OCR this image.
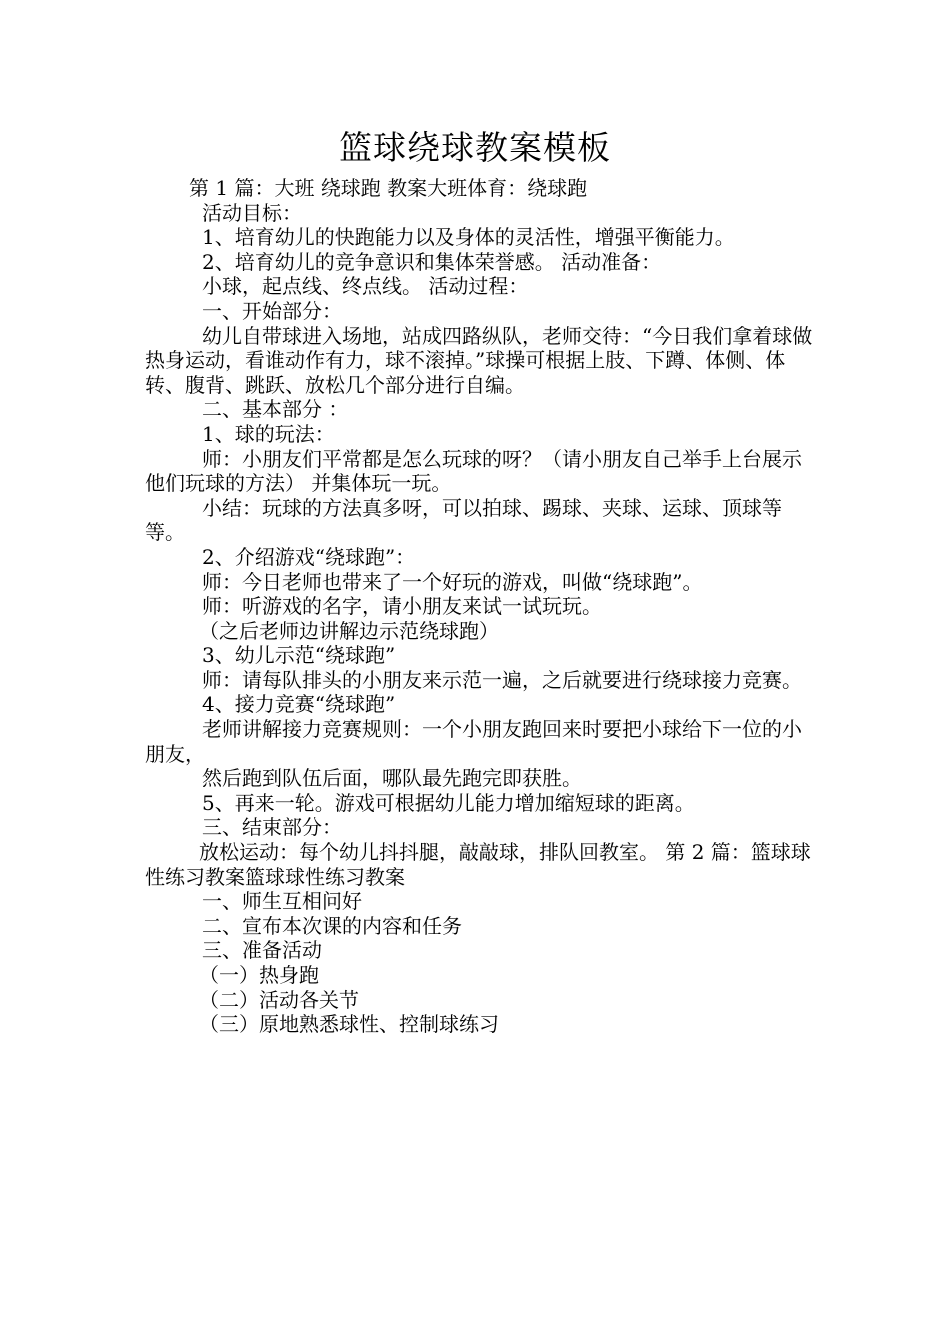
篮球绕球教案模板

第 1 篇：大班 绕球跑 教案大班体育：绕球跑

活动目标：

1、培育幼儿的快跑能力以及身体的灵活性，增强平衡能力。

2、培育幼儿的竞争意识和集体荣誉感。 活动准备：

小球，起点线、终点线。 活动过程：

一、开始部分：

幼儿自带球进入场地，站成四路纵队，老师交待：“今日我们拿着球做热身运动，看谁动作有力，球不滚掉。”球操可根据上肢、下蹲、体侧、体转、腹背、跳跃、放松几个部分进行自编。

二、基本部分 ：

1、球的玩法：

师：小朋友们平常都是怎么玩球的呀？（请小朋友自己举手上台展示他们玩球的方法） 并集体玩一玩。

小结：玩球的方法真多呀，可以拍球、踢球、夹球、运球、顶球等等。

2、介绍游戏“绕球跑”：

师：今日老师也带来了一个好玩的游戏，叫做“绕球跑”。

师：听游戏的名字，请小朋友来试一试玩玩。

（之后老师边讲解边示范绕球跑）

3、幼儿示范“绕球跑”

师：请每队排头的小朋友来示范一遍，之后就要进行绕球接力竞赛。

4、接力竞赛“绕球跑”

老师讲解接力竞赛规则：一个小朋友跑回来时要把小球给下一位的小朋友，

然后跑到队伍后面，哪队最先跑完即获胜。

5、再来一轮。游戏可根据幼儿能力增加缩短球的距离。

三、结束部分：

放松运动：每个幼儿抖抖腿，敲敲球，排队回教室。 第 2 篇：篮球球性练习教案篮球球性练习教案

一、师生互相问好

二、宣布本次课的内容和任务

三、准备活动

（一）热身跑

（二）活动各关节

（三）原地熟悉球性、控制球练习
